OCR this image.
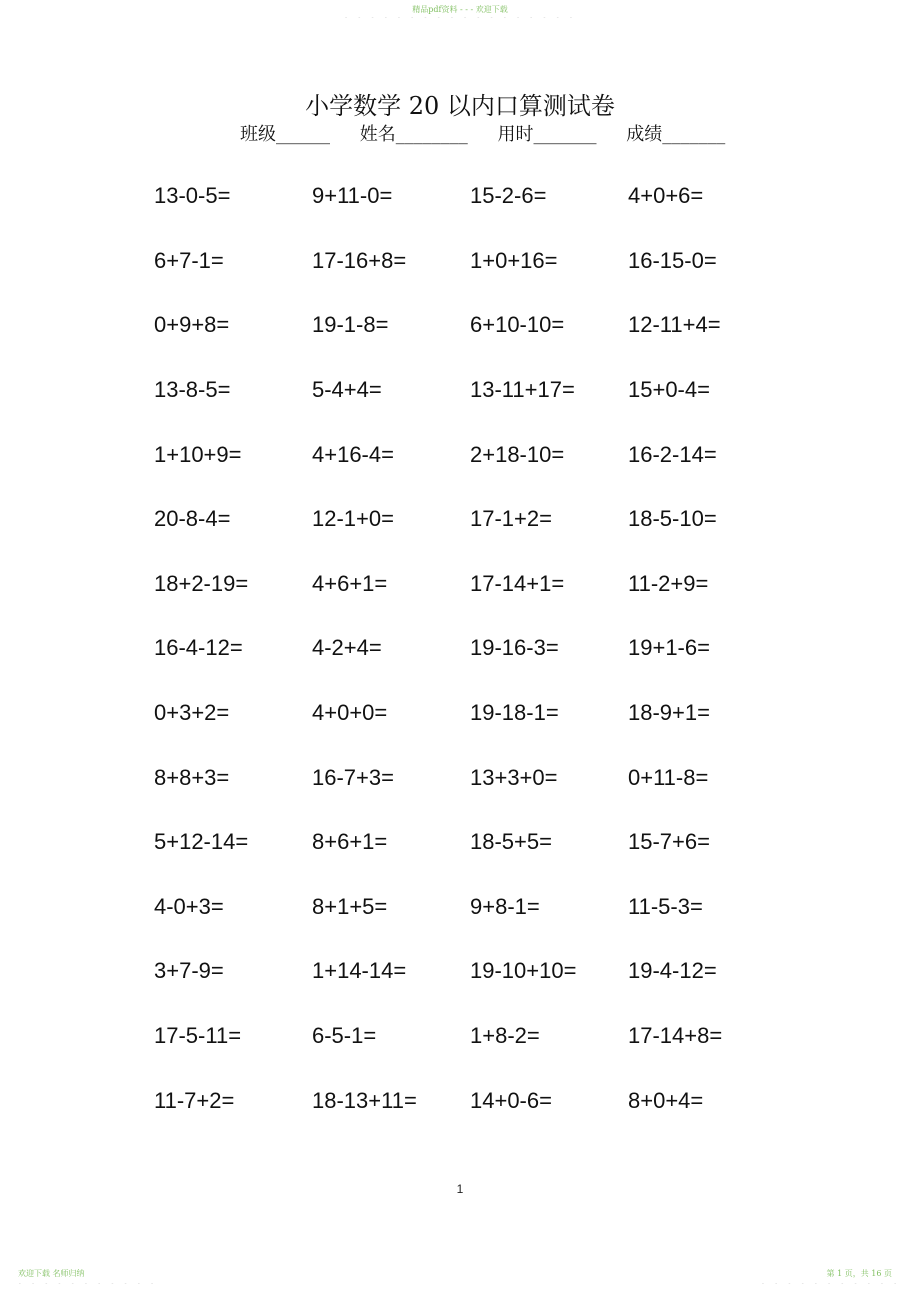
精品pdf资料 - - - 欢迎下载
- - - - - - - - - - - - - - - - - -
小学数学 20 以内口算测试卷
班级______ 姓名________ 用时_______ 成绩_______
13-0-5=	9+11-0=	15-2-6=	4+0+6=
6+7-1=	17-16+8=	1+0+16=	16-15-0=
0+9+8=	19-1-8=	6+10-10=	12-11+4=
13-8-5=	5-4+4=	13-11+17=	15+0-4=
1+10+9=	4+16-4=	2+18-10=	16-2-14=
20-8-4=	12-1+0=	17-1+2=	18-5-10=
18+2-19=	4+6+1=	17-14+1=	11-2+9=
16-4-12=	4-2+4=	19-16-3=	19+1-6=
0+3+2=	4+0+0=	19-18-1=	18-9+1=
8+8+3=	16-7+3=	13+3+0=	0+11-8=
5+12-14=	8+6+1=	18-5+5=	15-7+6=
4-0+3=	8+1+5=	9+8-1=	11-5-3=
3+7-9=	1+14-14=	19-10+10=	19-4-12=
17-5-11=	6-5-1=	1+8-2=	17-14+8=
11-7+2=	18-13+11=	14+0-6=	8+0+4=
1
欢迎下载 名师归纳
- - - - - - - - - - -
第 1 页，共 16 页
- - - - - - - - - - -
